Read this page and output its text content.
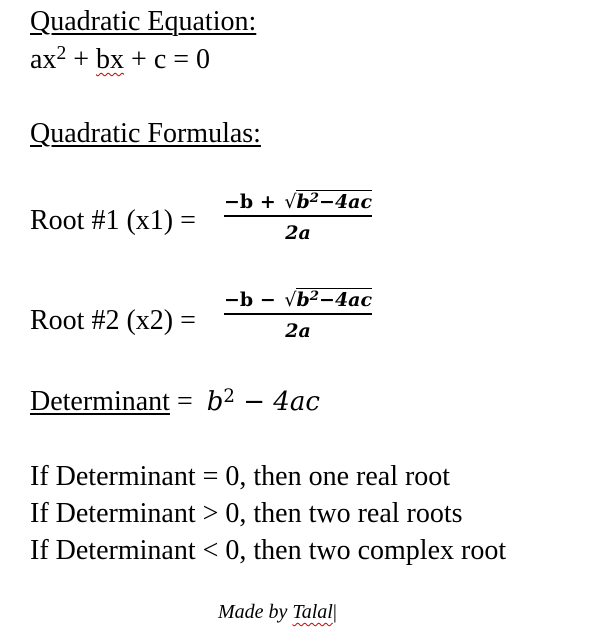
Quadratic Equation:
$ax^2$ + bx + c = 0
Quadratic Formulas:
Root #1 (x1) =
$-b + √b^2-4ac$
2a
Root #2 (x2) =
$-b - √b^2-4ac$
2a
Determinant =  $b^2 - 4ac$
If Determinant = 0, then one real root
If Determinant > 0, then two real roots
If Determinant < 0, then two complex root
Made by Talal|
